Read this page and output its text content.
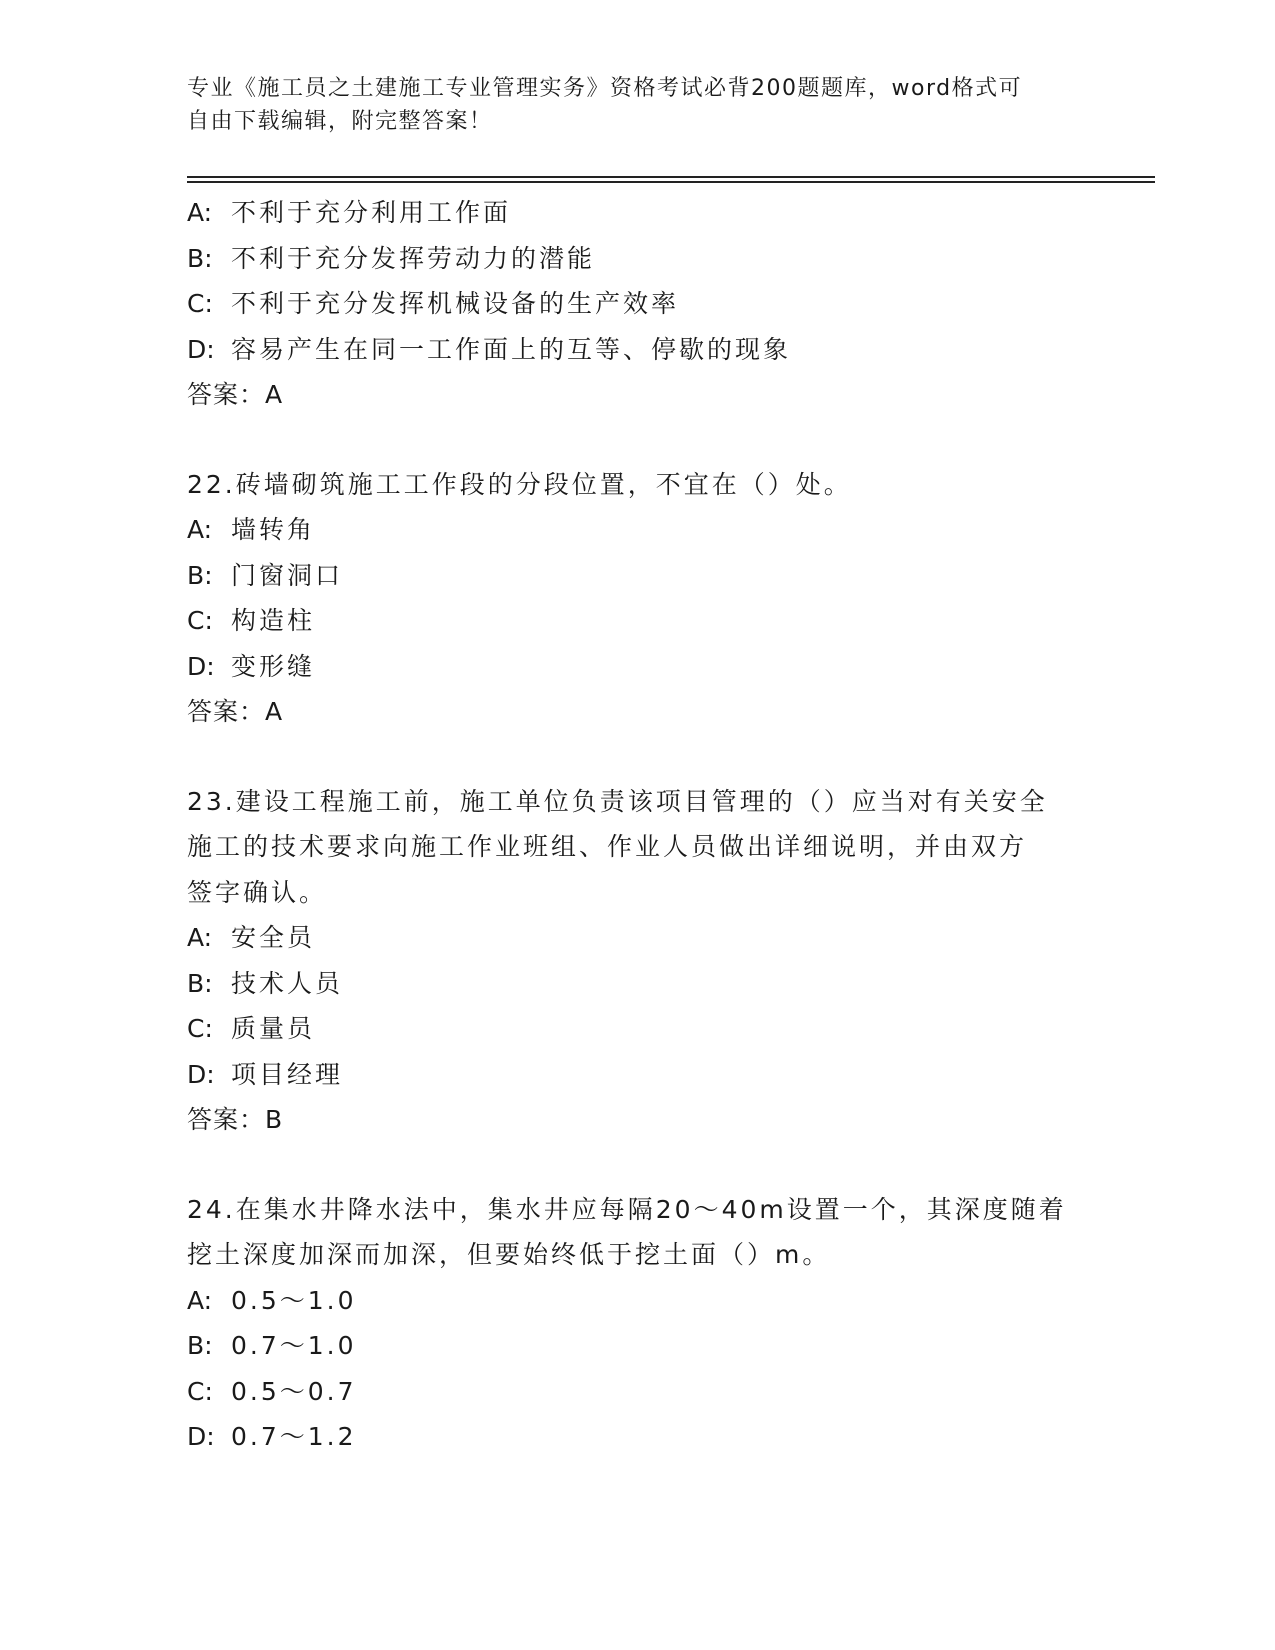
专业《施工员之土建施工专业管理实务》资格考试必背200题题库，word格式可
自由下载编辑，附完整答案！
A: 不利于充分利用工作面
B: 不利于充分发挥劳动力的潜能
C: 不利于充分发挥机械设备的生产效率
D: 容易产生在同一工作面上的互等、停歇的现象
答案：A
22.砖墙砌筑施工工作段的分段位置，不宜在（）处。
A: 墙转角
B: 门窗洞口
C: 构造柱
D: 变形缝
答案：A
23.建设工程施工前，施工单位负责该项目管理的（）应当对有关安全
施工的技术要求向施工作业班组、作业人员做出详细说明，并由双方
签字确认。
A: 安全员
B: 技术人员
C: 质量员
D: 项目经理
答案：B
24.在集水井降水法中，集水井应每隔20～40m设置一个，其深度随着
挖土深度加深而加深，但要始终低于挖土面（）m。
A: 0.5～1.0
B: 0.7～1.0
C: 0.5～0.7
D: 0.7～1.2
